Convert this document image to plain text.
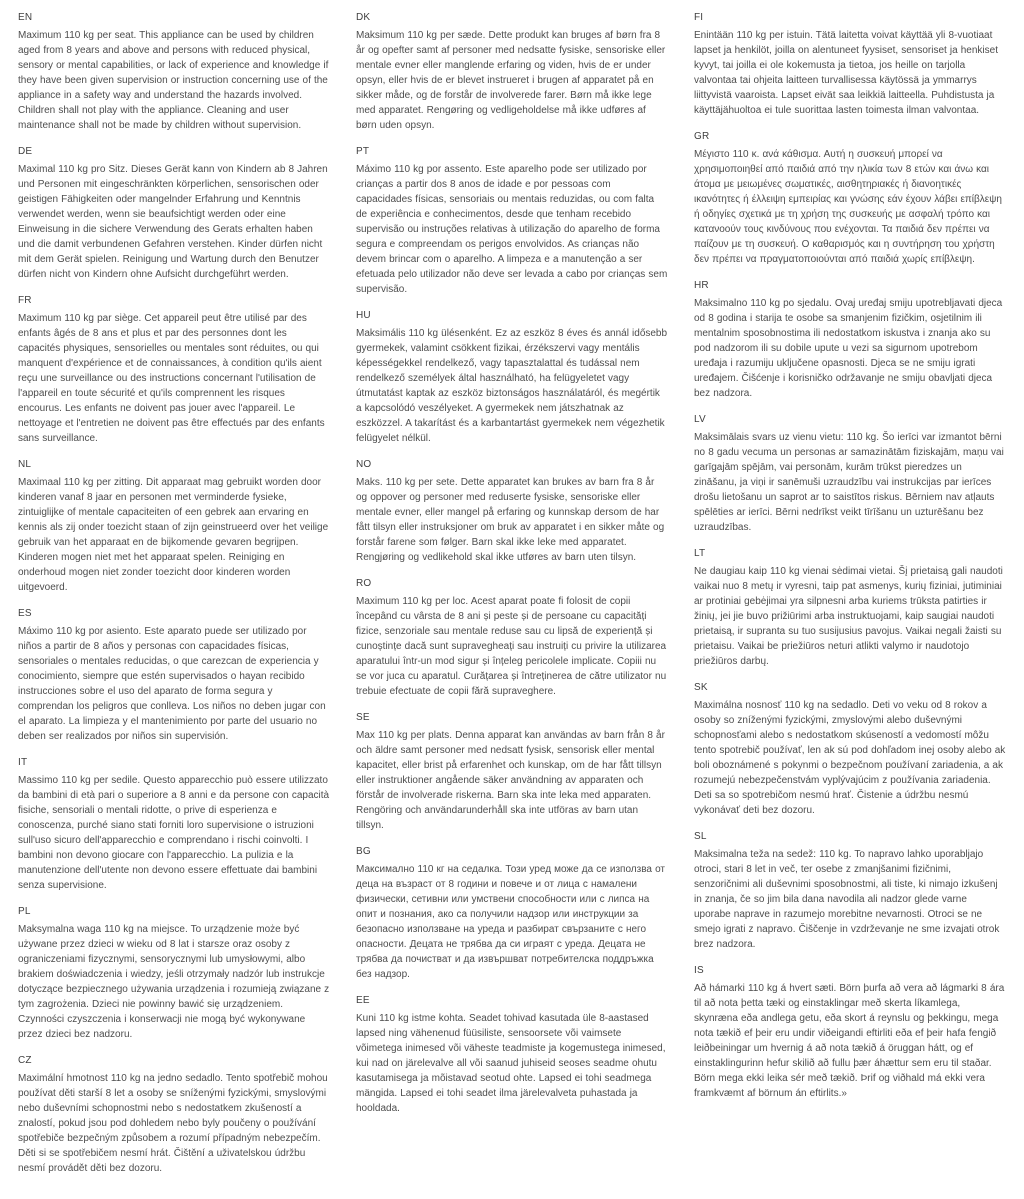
EN

Maximum 110 kg per seat. This appliance can be used by children aged from 8 years and above and persons with reduced physical, sensory or mental capabilities, or lack of experience and knowledge if they have been given supervision or instruction concerning use of the appliance in a safety way and understand the hazards involved. Children shall not play with the appliance. Cleaning and user maintenance shall not be made by children without supervision.

DE

Maximal 110 kg pro Sitz. Dieses Gerät kann von Kindern ab 8 Jahren und Personen mit eingeschränkten körperlichen, sensorischen oder geistigen Fähigkeiten oder mangelnder Erfahrung und Kenntnis verwendet werden, wenn sie beaufsichtigt werden oder eine Einweisung in die sichere Verwendung des Gerats erhalten haben und die damit verbundenen Gefahren verstehen. Kinder dürfen nicht mit dem Gerät spielen. Reinigung und Wartung durch den Benutzer dürfen nicht von Kindern ohne Aufsicht durchgeführt werden.

FR

Maximum 110 kg par siège. Cet appareil peut être utilisé par des enfants âgés de 8 ans et plus et par des personnes dont les capacités physiques, sensorielles ou mentales sont réduites, ou qui manquent d'expérience et de connaissances, à condition qu'ils aient reçu une surveillance ou des instructions concernant l'utilisation de l'appareil en toute sécurité et qu'ils comprennent les risques encourus. Les enfants ne doivent pas jouer avec l'appareil. Le nettoyage et l'entretien ne doivent pas être effectués par des enfants sans surveillance.

NL

Maximaal 110 kg per zitting. Dit apparaat mag gebruikt worden door kinderen vanaf 8 jaar en personen met verminderde fysieke, zintuiglijke of mentale capaciteiten of een gebrek aan ervaring en kennis als zij onder toezicht staan of zijn geinstrueerd over het veilige gebruik van het apparaat en de bijkomende gevaren begrijpen. Kinderen mogen niet met het apparaat spelen. Reiniging en onderhoud mogen niet zonder toezicht door kinderen worden uitgevoerd.

ES

Máximo 110 kg por asiento. Este aparato puede ser utilizado por niños a partir de 8 años y personas con capacidades físicas, sensoriales o mentales reducidas, o que carezcan de experiencia y conocimiento, siempre que estén supervisados o hayan recibido instrucciones sobre el uso del aparato de forma segura y comprendan los peligros que conlleva. Los niños no deben jugar con el aparato. La limpieza y el mantenimiento por parte del usuario no deben ser realizados por niños sin supervisión.

IT

Massimo 110 kg per sedile. Questo apparecchio può essere utilizzato da bambini di età pari o superiore a 8 anni e da persone con capacità fisiche, sensoriali o mentali ridotte, o prive di esperienza e conoscenza, purché siano stati forniti loro supervisione o istruzioni sull'uso sicuro dell'apparecchio e comprendano i rischi coinvolti. I bambini non devono giocare con l'apparecchio. La pulizia e la manutenzione dell'utente non devono essere effettuate dai bambini senza supervisione.

PL

Maksymalna waga 110 kg na miejsce. To urządzenie może być używane przez dzieci w wieku od 8 lat i starsze oraz osoby z ograniczeniami fizycznymi, sensorycznymi lub umysłowymi, albo brakiem doświadczenia i wiedzy, jeśli otrzymały nadzór lub instrukcje dotyczące bezpiecznego używania urządzenia i rozumieją związane z tym zagrożenia. Dzieci nie powinny bawić się urządzeniem. Czynności czyszczenia i konserwacji nie mogą być wykonywane przez dzieci bez nadzoru.

CZ

Maximální hmotnost 110 kg na jedno sedadlo. Tento spotřebič mohou používat děti starší 8 let a osoby se sníženými fyzickými, smyslovými nebo duševními schopnostmi nebo s nedostatkem zkušeností a znalostí, pokud jsou pod dohledem nebo byly poučeny o používání spotřebiče bezpečným způsobem a rozumí případným nebezpečím. Děti si se spotřebičem nesmí hrát. Čištění a uživatelskou údržbu nesmí provádět děti bez dozoru.

DK

Maksimum 110 kg per sæde. Dette produkt kan bruges af børn fra 8 år og opefter samt af personer med nedsatte fysiske, sensoriske eller mentale evner eller manglende erfaring og viden, hvis de er under opsyn, eller hvis de er blevet instrueret i brugen af apparatet på en sikker måde, og de forstår de involverede farer. Børn må ikke lege med apparatet. Rengøring og vedligeholdelse må ikke udføres af børn uden opsyn.

PT

Máximo 110 kg por assento. Este aparelho pode ser utilizado por crianças a partir dos 8 anos de idade e por pessoas com capacidades físicas, sensoriais ou mentais reduzidas, ou com falta de experiência e conhecimentos, desde que tenham recebido supervisão ou instruções relativas à utilização do aparelho de forma segura e compreendam os perigos envolvidos. As crianças não devem brincar com o aparelho. A limpeza e a manutenção a ser efetuada pelo utilizador não deve ser levada a cabo por crianças sem supervisão.

HU

Maksimális 110 kg ülésenként. Ez az eszköz 8 éves és annál idősebb gyermekek, valamint csökkent fizikai, érzékszervi vagy mentális képességekkel rendelkező, vagy tapasztalattal és tudással nem rendelkező személyek által használható, ha felügyeletet vagy útmutatást kaptak az eszköz biztonságos használatáról, és megértik a kapcsolódó veszélyeket. A gyermekek nem játszhatnak az eszközzel. A takarítást és a karbantartást gyermekek nem végezhetik felügyelet nélkül.

NO

Maks. 110 kg per sete. Dette apparatet kan brukes av barn fra 8 år og oppover og personer med reduserte fysiske, sensoriske eller mentale evner, eller mangel på erfaring og kunnskap dersom de har fått tilsyn eller instruksjoner om bruk av apparatet i en sikker måte og forstår farene som følger. Barn skal ikke leke med apparatet. Rengjøring og vedlikehold skal ikke utføres av barn uten tilsyn.

RO

Maximum 110 kg per loc. Acest aparat poate fi folosit de copii începând cu vârsta de 8 ani și peste și de persoane cu capacități fizice, senzoriale sau mentale reduse sau cu lipsă de experiență și cunoștințe dacă sunt supravegheați sau instruiți cu privire la utilizarea aparatului într-un mod sigur și înțeleg pericolele implicate. Copiii nu se vor juca cu aparatul. Curățarea și întreținerea de către utilizator nu trebuie efectuate de copii fără supraveghere.

SE

Max 110 kg per plats. Denna apparat kan användas av barn från 8 år och äldre samt personer med nedsatt fysisk, sensorisk eller mental kapacitet, eller brist på erfarenhet och kunskap, om de har fått tillsyn eller instruktioner angående säker användning av apparaten och förstår de involverade riskerna. Barn ska inte leka med apparaten. Rengöring och användarunderhåll ska inte utföras av barn utan tillsyn.

BG

Максимално 110 кг на седалка. Този уред може да се използва от деца на възраст от 8 години и повече и от лица с намалени физически, сетивни или умствени способности или с липса на опит и познания, ако са получили надзор или инструкции за безопасно използване на уреда и разбират свързаните с него опасности. Децата не трябва да си играят с уреда. Децата не трябва да почистват и да извършват потребителска поддръжка без надзор.

EE

Kuni 110 kg istme kohta. Seadet tohivad kasutada üle 8-aastased lapsed ning vähenenud füüsiliste, sensoorsete või vaimsete võimetega inimesed või väheste teadmiste ja kogemustega inimesed, kui nad on järelevalve all või saanud juhiseid seoses seadme ohutu kasutamisega ja mõistavad seotud ohte. Lapsed ei tohi seadmega mängida. Lapsed ei tohi seadet ilma järelevalveta puhastada ja hooldada.

FI

Enintään 110 kg per istuin. Tätä laitetta voivat käyttää yli 8-vuotiaat lapset ja henkilöt, joilla on alentuneet fyysiset, sensoriset ja henkiset kyvyt, tai joilla ei ole kokemusta ja tietoa, jos heille on tarjolla valvontaa tai ohjeita laitteen turvallisessa käytössä ja ymmarrys liittyvistä vaaroista. Lapset eivät saa leikkiä laitteella. Puhdistusta ja käyttäjähuoltoa ei tule suorittaa lasten toimesta ilman valvontaa.

GR

Μέγιστο 110 κ. ανά κάθισμα. Αυτή η συσκευή μπορεί να χρησιμοποιηθεί από παιδιά από την ηλικία των 8 ετών και άνω και άτομα με μειωμένες σωματικές, αισθητηριακές ή διανοητικές ικανότητες ή έλλειψη εμπειρίας και γνώσης εάν έχουν λάβει επίβλεψη ή οδηγίες σχετικά με τη χρήση της συσκευής με ασφαλή τρόπο και κατανοούν τους κινδύνους που ενέχονται. Τα παιδιά δεν πρέπει να παίζουν με τη συσκευή. Ο καθαρισμός και η συντήρηση του χρήστη δεν πρέπει να πραγματοποιούνται από παιδιά χωρίς επίβλεψη.

HR

Maksimalno 110 kg po sjedalu. Ovaj uređaj smiju upotrebljavati djeca od 8 godina i starija te osobe sa smanjenim fizičkim, osjetilnim ili mentalnim sposobnostima ili nedostatkom iskustva i znanja ako su pod nadzorom ili su dobile upute u vezi sa sigurnom upotrebom uređaja i razumiju uključene opasnosti. Djeca se ne smiju igrati uređajem. Čišćenje i korisničko održavanje ne smiju obavljati djeca bez nadzora.

LV

Maksimālais svars uz vienu vietu: 110 kg. Šo ierīci var izmantot bērni no 8 gadu vecuma un personas ar samazinātām fiziskajām, maņu vai garīgajām spējām, vai personām, kurām trūkst pieredzes un zināšanu, ja viņi ir sanēmuši uzraudzību vai instrukcijas par ierīces drošu lietošanu un saprot ar to saistītos riskus. Bērniem nav atļauts spēlēties ar ierīci. Bērni nedrīkst veikt tīrīšanu un uzturēšanu bez uzraudzības.

LT

Ne daugiau kaip 110 kg vienai sėdimai vietai. Šį prietaisą gali naudoti vaikai nuo 8 metų ir vyresni, taip pat asmenys, kurių fiziniai, jutiminiai ar protiniai gebėjimai yra silpnesni arba kuriems trūksta patirties ir žinių, jei jie buvo prižiūrimi arba instruktuojami, kaip saugiai naudoti prietaisą, ir supranta su tuo susijusius pavojus. Vaikai negali žaisti su prietaisu. Vaikai be priežiūros neturi atlikti valymo ir naudotojo priežiūros darbų.

SK

Maximálna nosnosť 110 kg na sedadlo. Deti vo veku od 8 rokov a osoby so zníženými fyzickými, zmyslovými alebo duševnými schopnosťami alebo s nedostatkom skúseností a vedomostí môžu tento spotrebič používať, len ak sú pod dohľadom inej osoby alebo ak boli oboznámené s pokynmi o bezpečnom používaní zariadenia, a ak rozumejú nebezpečenstvám vyplývajúcim z používania zariadenia. Deti sa so spotrebičom nesmú hrať. Čistenie a údržbu nesmú vykonávať deti bez dozoru.

SL

Maksimalna teža na sedež: 110 kg. To napravo lahko uporabljajo otroci, stari 8 let in več, ter osebe z zmanjšanimi fizičnimi, senzoričnimi ali duševnimi sposobnostmi, ali tiste, ki nimajo izkušenj in znanja, če so jim bila dana navodila ali nadzor glede varne uporabe naprave in razumejo morebitne nevarnosti. Otroci se ne smejo igrati z napravo. Čiščenje in vzdrževanje ne sme izvajati otrok brez nadzora.

IS

Að hámarki 110 kg á hvert sæti. Börn þurfa að vera að lágmarki 8 ára til að nota þetta tæki og einstaklingar með skerta líkamlega, skynræna eða andlega getu, eða skort á reynslu og þekkingu, mega nota tækið ef þeir eru undir viðeigandi eftirliti eða ef þeir hafa fengið leiðbeiningar um hvernig á að nota tækið á öruggan hátt, og ef einstaklingurinn hefur skilið að fullu þær áhættur sem eru til staðar. Börn mega ekki leika sér með tækið. Þrif og viðhald má ekki vera framkvæmt af börnum án eftirlits.»
